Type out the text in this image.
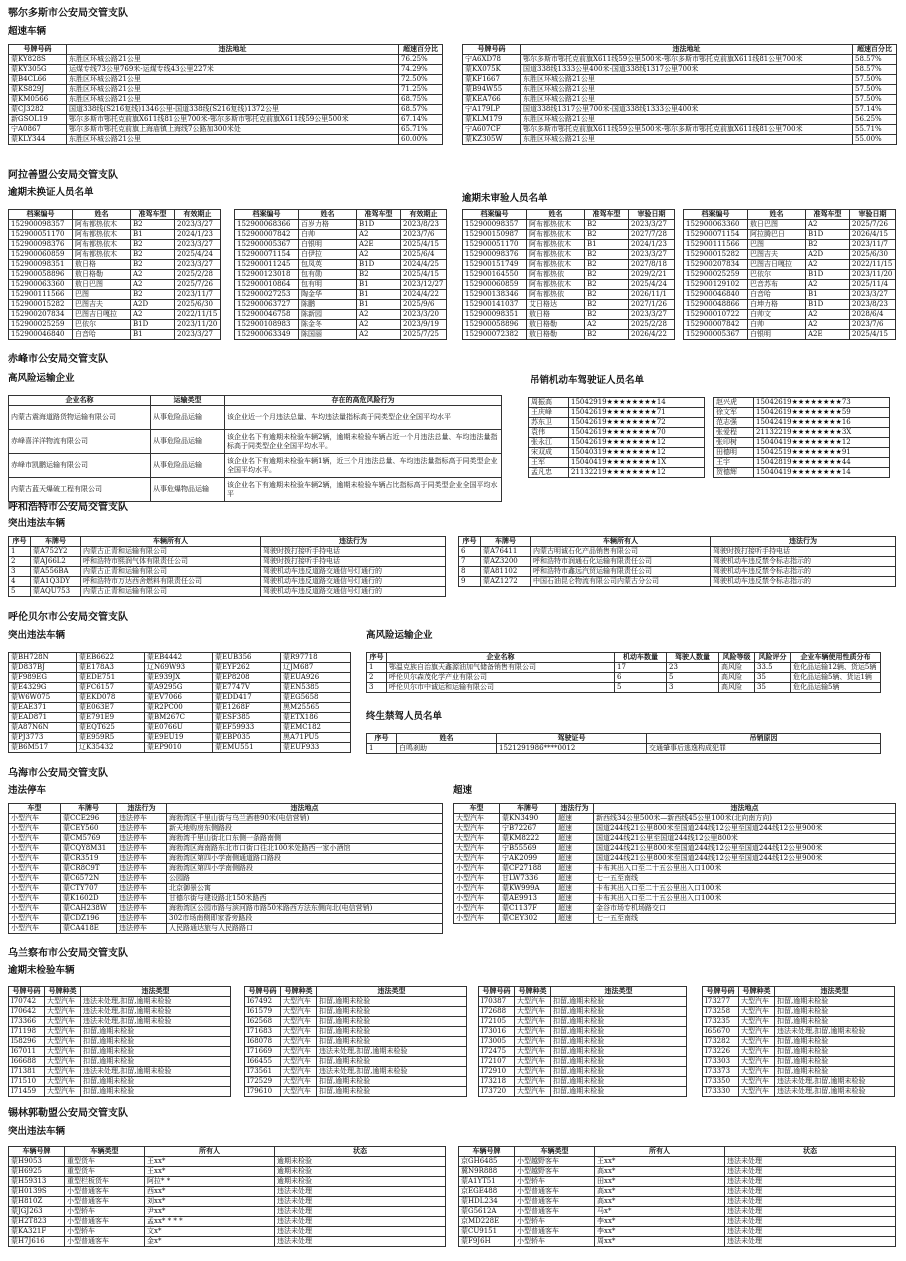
鄂尔多斯市公安局交管支队
超速车辆
号牌号码	违法地址	超速百分比
蒙KY828S	东胜区环城公路21公里	76.25%
蒙KY305G	运煤专线73公里769米-运煤专线43公里227米	74.29%
蒙B4CL66	东胜区环城公路21公里	72.50%
蒙KS829J	东胜区环城公路21公里	71.25%
蒙KM0566	东胜区环城公路21公里	68.75%
蒙CJ3282	国道338线(S216复线)1346公里-国道338线(S216复线)1372公里	68.57%
新GSOL19	鄂尔多斯市鄂托克前旗X611线81公里700米-鄂尔多斯市鄂托克前旗X611线59公里500米	67.14%
宁A0867	鄂尔多斯市鄂托克前旗上海庙镇上海线7公路加300米处	65.71%
蒙KLY344	东胜区环城公路21公里	60.00%
号牌号码	违法地址	超速百分比
宁A6XD78	鄂尔多斯市鄂托克前旗X611线59公里500米-鄂尔多斯市鄂托克前旗X611线81公里700米	58.57%
蒙KX075K	国道338线1333公里400米-国道338线1317公里700米	58.57%
蒙KF1667	东胜区环城公路21公里	57.50%
蒙B94W55	东胜区环城公路21公里	57.50%
蒙KEA766	东胜区环城公路21公里	57.50%
宁A179LP	国道338线1317公里700米-国道338线1333公里400米	57.14%
蒙KLM179	东胜区环城公路21公里	56.25%
宁A607CF	鄂尔多斯市鄂托克前旗X611线59公里500米-鄂尔多斯市鄂托克前旗X611线81公里700米	55.71%
蒙KZ305W	东胜区环城公路21公里	55.00%
阿拉善盟公安局交管支队
逾期未换证人员名单
档案编号	姓名	准驾车型	有效期止
152900098357	阿布都热依木	B2	2023/3/27
152900051170	阿布都热依木	B1	2024/1/23
152900098376	阿布都热依木	B2	2023/3/27
152900060859	阿布都热依木	B2	2025/4/24
152900098351	敖日格	B2	2023/3/27
152900058896	敖日格勒	A2	2025/2/28
152900063360	敖日巴图	A2	2025/7/26
152900111566	巴图	B2	2023/11/7
152900015282	巴图吉夫	A2D	2025/6/30
152900207834	巴图吉日嘎拉	A2	2022/11/15
152900025259	巴依尔	B1D	2023/11/20
152900046840	白音哈	B1	2023/3/27
档案编号	姓名	准驾车型	有效期止
152900068366	百岁力格	B1D	2023/8/23
152900007842	白帅	A2	2023/7/6
152900005367	白银明	A2E	2025/4/15
152900071154	白伊拉	A2	2025/6/4
152900011245	包凤英	B1D	2024/4/25
152900123018	包有勋	B2	2025/4/15
152900010864	包有明	B1	2023/12/27
152900027253	陶金华	B1	2024/4/22
152900063727	陈鹏	B1	2025/9/6
152900046758	陈新园	A2	2023/3/20
152900108983	陈金冬	A2	2023/9/19
152900063349	陈国丽	A2	2025/7/25
逾期未审验人员名单
档案编号	姓名	准驾车型	审验日期
152900098357	阿布都热依木	B2	2023/3/27
152900150987	阿布都热依木	B2	2027/7/28
152900051170	阿布都热依木	B1	2024/1/23
152900098376	阿布都热依木	B2	2023/3/27
152900151749	阿布都热依木	B2	2027/8/18
152900164550	阿布都热依	B2	2029/2/21
152900060859	阿布都热依木	B2	2025/4/24
152900138346	阿布都热依	B2	2026/11/1
152900141037	艾日格达	B2	2027/1/26
152900098351	敖日格	B2	2023/3/27
152900058896	敖日格勒	A2	2025/2/28
152900072382	敖日格勒	B2	2026/4/22
档案编号	姓名	准驾车型	审验日期
152900063360	敖日巴图	A2	2025/7/26
152900071154	阿拉腾巴日	B1D	2026/4/15
152900111566	巴图	B2	2023/11/7
152900015282	巴图吉夫	A2D	2025/6/30
152900207834	巴图吉日嘎拉	A2	2022/11/15
152900025259	巴依尔	B1D	2023/11/20
152900129102	巴音苏布	A2	2025/11/4
152900046840	白音哈	B1	2023/3/27
152900048866	白坤力格	B1D	2023/8/23
152900010722	白帅文	A2	2028/6/4
152900007842	白帅	A2	2023/7/6
152900005367	白银明	A2E	2025/4/15
赤峰市公安局交管支队
高风险运输企业
企业名称	运输类型	存在的高危风险行为
内蒙古震海道路货物运输有限公司	从事危险品运输	该企业近一个月违法总量、车均违法量指标高于同类型企业全国平均水平
赤峰喜洋洋物流有限公司	从事危险品运输	该企业名下有逾期未检验车辆2辆，逾期未检验车辆占近一个月违法总量、车均违法量指标高于同类型企业全国平均水平。
赤峰市凯鹏运输有限公司	从事危险品运输	该企业名下有逾期未检验车辆1辆，近三个月违法总量、车均违法量指标高于同类型企业全国平均水平。
内蒙古蓝天爆破工程有限公司	从事危爆物品运输	该企业名下有逾期未检验车辆2辆，逾期未检验车辆占比指标高于同类型企业全国平均水平
吊销机动车驾驶证人员名单
周振高	15042919★★★★★★★★14
王庆峰	15042619★★★★★★★★71
苏东卫	15042619★★★★★★★★72
袁伟	15042619★★★★★★★★70
张永江	15042619★★★★★★★★12
宋双成	15040319★★★★★★★★12
王军	15040419★★★★★★★★1X
孟凡忠	21132219★★★★★★★★12
赵兴虎	15042619★★★★★★★★73
徐文军	15042619★★★★★★★★59
范志强	15042419★★★★★★★★16
张爱程	21132219★★★★★★★★3X
张印树	15040419★★★★★★★★12
田德明	15042519★★★★★★★★91
王宇	15042819★★★★★★★★44
贺德辉	15040419★★★★★★★★14
呼和浩特市公安局交管支队
突出违法车辆
序号	车牌号	车辆所有人	违法行为
1	蒙A752Y2	内蒙古正青和运输有限公司	驾驶时拨打接听手持电话
2	蒙AJ66L2	呼和浩特市熙润气体有限责任公司	驾驶时拨打接听手持电话
3	蒙A556BA	内蒙古正青和运输有限公司	驾驶机动车违反道路交通信号灯通行的
4	蒙A1Q3DY	呼和浩特市万达西舍燃料有限责任公司	驾驶机动车违反道路交通信号灯通行的
5	蒙AQU753	内蒙古正青和运输有限公司	驾驶机动车违反道路交通信号灯通行的
序号	车牌号	车辆所有人	违法行为
6	蒙A76411	内蒙古明诚石化产品销售有限公司	驾驶时拨打接听手持电话
7	蒙AZ3200	呼和浩特市润通石化运输有限责任公司	驾驶机动车违反禁令标志指示的
8	蒙A81102	呼和浩特市鑫远汽贸运输有限责任公司	驾驶机动车违反禁令标志指示的
9	蒙AZ1272	中国石油昆仑物流有限公司内蒙古分公司	驾驶机动车违反禁令标志指示的
呼伦贝尔市公安局交管支队
突出违法车辆
蒙BH728N	蒙EB6622	蒙EB4442	蒙EUB356	蒙R97718
蒙D837BJ	蒙E178A3	辽N69W93	蒙EYF262	辽JM687
蒙F989EG	蒙EDE751	蒙E939JX	蒙EP8208	蒙EUA926
蒙E4329G	蒙FC6157	蒙A9295G	蒙E7747V	蒙EN5385
蒙W6W075	蒙EKD078	蒙EV7066	蒙EDD417	蒙EG5658
蒙EAE371	蒙E063E7	蒙R2PC00	蒙E1268F	黑M25565
蒙EAD871	蒙E791E9	蒙BM267C	蒙ESF385	蒙ETX186
蒙A87N6N	蒙EQT625	蒙E0766U	蒙EF59933	蒙EMC182
蒙PJ3773	蒙E959R5	蒙E9EU19	蒙EBP035	黑A71PU5
蒙B6M517	辽K35432	蒙EP9010	蒙EMU551	蒙EUF933
高风险运输企业
序号	企业名称	机动车数量	驾驶人数量	风险等级	风险评分	企业车辆使用性质分布
1	鄂温克族自治旗天鑫源油加气储备销售有限公司	17	23	高风险	33.5	危化品运输12辆、货运5辆
2	呼伦贝尔森茂化学产业有限公司	6	5	高风险	35	危化品运输5辆、货运1辆
3	呼伦贝尔市中诚运和运输有限公司	5	3	高风险	35	危化品运输5辆
终生禁驾人员名单
序号	姓名	驾驶证号	吊销原因
1	白鸣刹助	1521291986****0012	交通肇事后逃逸构成犯罪
乌海市公安局交管支队
违法停车
车型	车牌号	违法行为	违法地点
小型汽车	蒙CCE296	违法停车	海勃湾区千里山街与乌兰酒巷90米(电信营销)
小型汽车	蒙CEY560	违法停车	新天地购房东侧路段
小型汽车	蒙CM5769	违法停车	海勃湾千里山街北口东侧一条路南侧
小型汽车	蒙CQY8M31	违法停车	海勃湾区海南路东北市口街口往北100米处路西一家小酒馆
小型汽车	蒙CR3519	违法停车	海勃湾区第四小学南侧通道路口路段
小型汽车	蒙CR8C9T	违法停车	海勃湾区第四小学南侧路段
小型汽车	蒙C6572N	违法停车	公园路
小型汽车	蒙CTY707	违法停车	北京御景公寓
小型汽车	蒙K1602D	违法停车	甘德尔街与建设路北150米路西
小型汽车	蒙CAH238W	违法停车	海勃湾区公园市路与滨河路市路50米路西方法东侧向北(电信营销)
小型汽车	蒙CDZ196	违法停车	302市场南侧即家香旁路段
小型汽车	蒙CA418E	违法停车	人民路通达旅与人民路路口
超速
车型	车牌号	违法行为	违法地点
大型汽车	蒙KN3490	超速	新西线34公里500米—新西线45公里100米(北向南方向)
大型汽车	宁B72267	超速	国道244线21公里800米至国道244线12公里至国道244线12公里900米
大型汽车	蒙KM8222	超速	国道244线21公里至国道244线12公里800米
大型汽车	宁B55569	超速	国道244线21公里800米至国道244线12公里至国道244线12公里900米
大型汽车	宁AK2099	超速	国道244线21公里800米至国道244线12公里至国道244线12公里900米
小型汽车	蒙CF27188	超速	卡布其出入口至二十五公里出入口100米
小型汽车	甘LW7336	超速	七一五至南线
小型汽车	蒙KW999A	超速	卡布其出入口至二十五公里出入口100米
小型汽车	蒙AE9913	超速	卡布其出入口至二十五公里出入口100米
小型汽车	蒙C1137F	超速	金谷市场专机场路交口
小型汽车	蒙CEY302	超速	七一五至南线
乌兰察布市公安局交管支队
逾期未检验车辆
号牌号码	号牌种类	违法类型
I70742	大型汽车	违法未处理,扣留,逾期未检验
I70642	大型汽车	违法未处理,扣留,逾期未检验
I73366	大型汽车	违法未处理,扣留,逾期未检验
I71198	大型汽车	扣留,逾期未检验
I58296	大型汽车	扣留,逾期未检验
I67011	大型汽车	扣留,逾期未检验
I66688	大型汽车	扣留,逾期未检验
I71381	大型汽车	违法未处理,扣留,逾期未检验
I71510	大型汽车	扣留,逾期未检验
I71459	大型汽车	扣留,逾期未检验
号牌号码	号牌种类	违法类型
I67492	大型汽车	扣留,逾期未检验
I61579	大型汽车	扣留,逾期未检验
I62568	大型汽车	扣留,逾期未检验
I71683	大型汽车	扣留,逾期未检验
I68078	大型汽车	扣留,逾期未检验
I71669	大型汽车	违法未处理,扣留,逾期未检验
I66455	大型汽车	扣留,逾期未检验
I73561	大型汽车	违法未处理,扣留,逾期未检验
I72529	大型汽车	扣留,逾期未检验
I79610	大型汽车	扣留,逾期未检验
号牌号码	号牌种类	违法类型
I70387	大型汽车	扣留,逾期未检验
I72688	大型汽车	扣留,逾期未检验
I72105	大型汽车	扣留,逾期未检验
I73016	大型汽车	扣留,逾期未检验
I73005	大型汽车	扣留,逾期未检验
I72475	大型汽车	扣留,逾期未检验
I72107	大型汽车	扣留,逾期未检验
I72910	大型汽车	扣留,逾期未检验
I73218	大型汽车	扣留,逾期未检验
I73720	大型汽车	扣留,逾期未检验
号牌号码	号牌种类	违法类型
I73277	大型汽车	扣留,逾期未检验
I73258	大型汽车	扣留,逾期未检验
I73235	大型汽车	扣留,逾期未检验
I65670	大型汽车	违法未处理,扣留,逾期未检验
I73282	大型汽车	扣留,逾期未检验
I73226	大型汽车	扣留,逾期未检验
I73303	大型汽车	扣留,逾期未检验
I73373	大型汽车	扣留,逾期未检验
I73350	大型汽车	违法未处理,扣留,逾期未检验
I73330	大型汽车	违法未处理,扣留,逾期未检验
锡林郭勒盟公安局交管支队
突出违法车辆
车辆号牌	车辆类型	所有人	状态
蒙H9053	重型货车	王xx*	逾期未检验
蒙H6925	重型货车	王xx*	逾期未检验
蒙H59313	重型栏板货车	阿拉* *	逾期未检验
蒙H0139S	小型普通客车	西xx*	违法未处理
蒙H810Z	小型普通客车	刘xx*	违法未处理
蒙JGJ263	小型轿车	尹xx*	违法未处理
蒙H2T823	小型普通客车	孟xx* * * *	违法未处理
蒙KA321F	小型轿车	文x*	违法未处理
蒙H7J616	小型普通客车	金x*	违法未处理
车辆号牌	车辆类型	所有人	状态
京GH6485	小型越野客车	王xx*	违法未处理
冀N9R888	小型越野客车	高xx*	违法未处理
蒙A1YT51	小型轿车	田xx*	违法未处理
京EGE488	小型普通客车	高xx*	违法未处理
蒙HDL234	小型普通客车	高xx*	违法未处理
蒙G5612A	小型普通客车	马x*	违法未处理
京MD228E	小型轿车	李xx*	违法未处理
蒙CU9151	小型普通客车	李xx*	违法未处理
蒙F9J6H	小型轿车	周xx*	违法未处理
